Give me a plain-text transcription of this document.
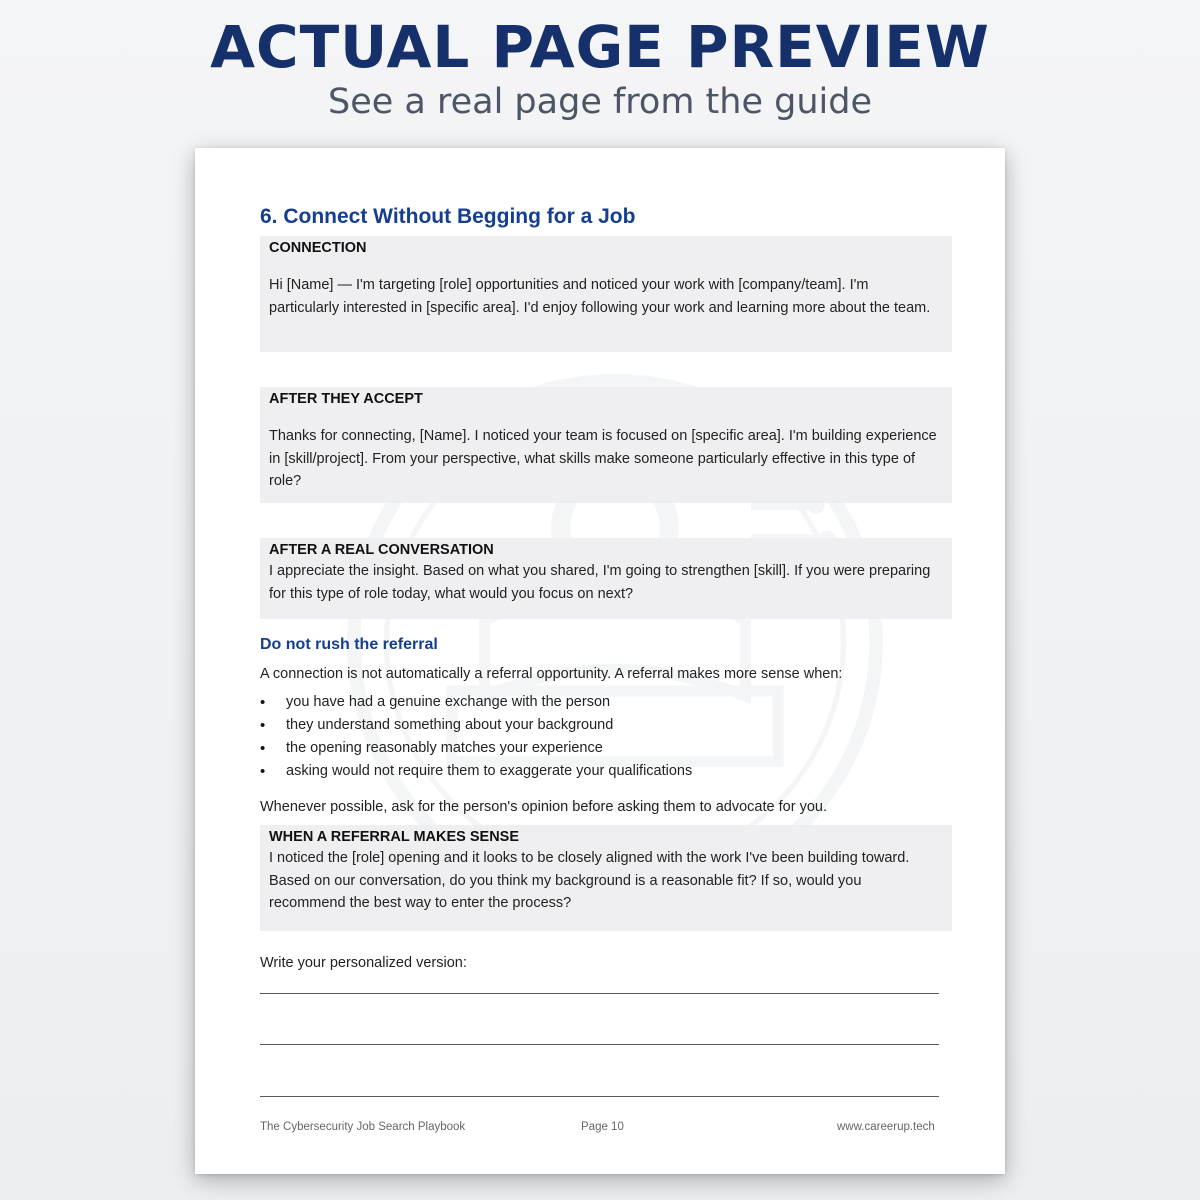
ACTUAL PAGE PREVIEW

See a real page from the guide

6. Connect Without Begging for a Job

CONNECTION

Hi [Name] — I'm targeting [role] opportunities and noticed your work with [company/team]. I'm particularly interested in [specific area]. I'd enjoy following your work and learning more about the team.

AFTER THEY ACCEPT

Thanks for connecting, [Name]. I noticed your team is focused on [specific area]. I'm building experience in [skill/project]. From your perspective, what skills make someone particularly effective in this type of role?

AFTER A REAL CONVERSATION

I appreciate the insight. Based on what you shared, I'm going to strengthen [skill]. If you were preparing for this type of role today, what would you focus on next?

Do not rush the referral

A connection is not automatically a referral opportunity. A referral makes more sense when:

• you have had a genuine exchange with the person
• they understand something about your background
• the opening reasonably matches your experience
• asking would not require them to exaggerate your qualifications

Whenever possible, ask for the person's opinion before asking them to advocate for you.

WHEN A REFERRAL MAKES SENSE

I noticed the [role] opening and it looks to be closely aligned with the work I've been building toward. Based on our conversation, do you think my background is a reasonable fit? If so, would you recommend the best way to enter the process?

Write your personalized version:

The Cybersecurity Job Search Playbook	Page 10	www.careerup.tech
